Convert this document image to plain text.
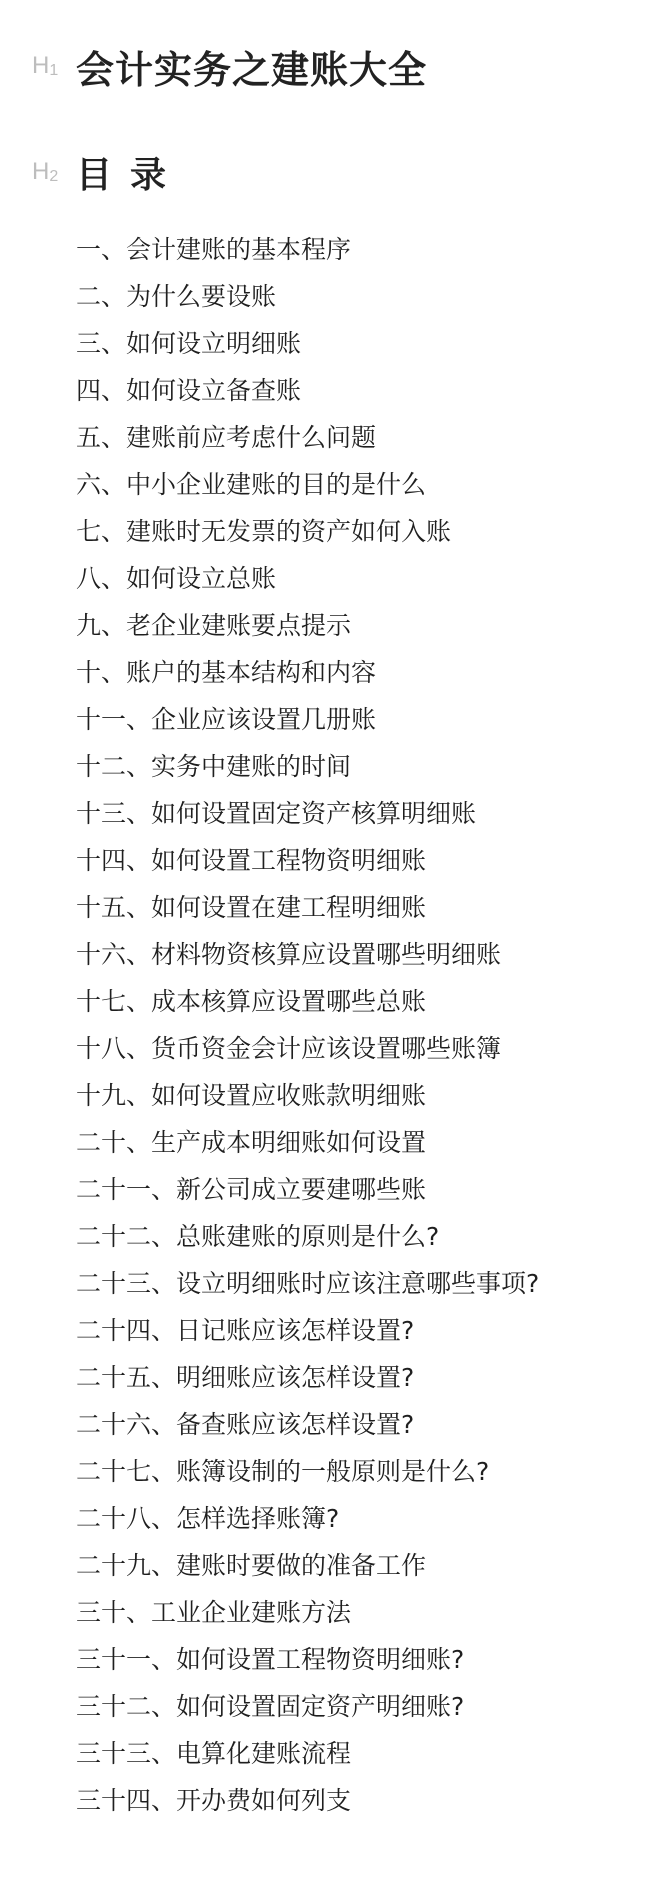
$H_1$ 会计实务之建账大全
$H_2$ 目录
一、会计建账的基本程序
二、为什么要设账
三、如何设立明细账
四、如何设立备查账
五、建账前应考虑什么问题
六、中小企业建账的目的是什么
七、建账时无发票的资产如何入账
八、如何设立总账
九、老企业建账要点提示
十、账户的基本结构和内容
十一、企业应该设置几册账
十二、实务中建账的时间
十三、如何设置固定资产核算明细账
十四、如何设置工程物资明细账
十五、如何设置在建工程明细账
十六、材料物资核算应设置哪些明细账
十七、成本核算应设置哪些总账
十八、货币资金会计应该设置哪些账簿
十九、如何设置应收账款明细账
二十、生产成本明细账如何设置
二十一、新公司成立要建哪些账
二十二、总账建账的原则是什么?
二十三、设立明细账时应该注意哪些事项?
二十四、日记账应该怎样设置?
二十五、明细账应该怎样设置?
二十六、备查账应该怎样设置?
二十七、账簿设制的一般原则是什么?
二十八、怎样选择账簿?
二十九、建账时要做的准备工作
三十、工业企业建账方法
三十一、如何设置工程物资明细账?
三十二、如何设置固定资产明细账?
三十三、电算化建账流程
三十四、开办费如何列支
